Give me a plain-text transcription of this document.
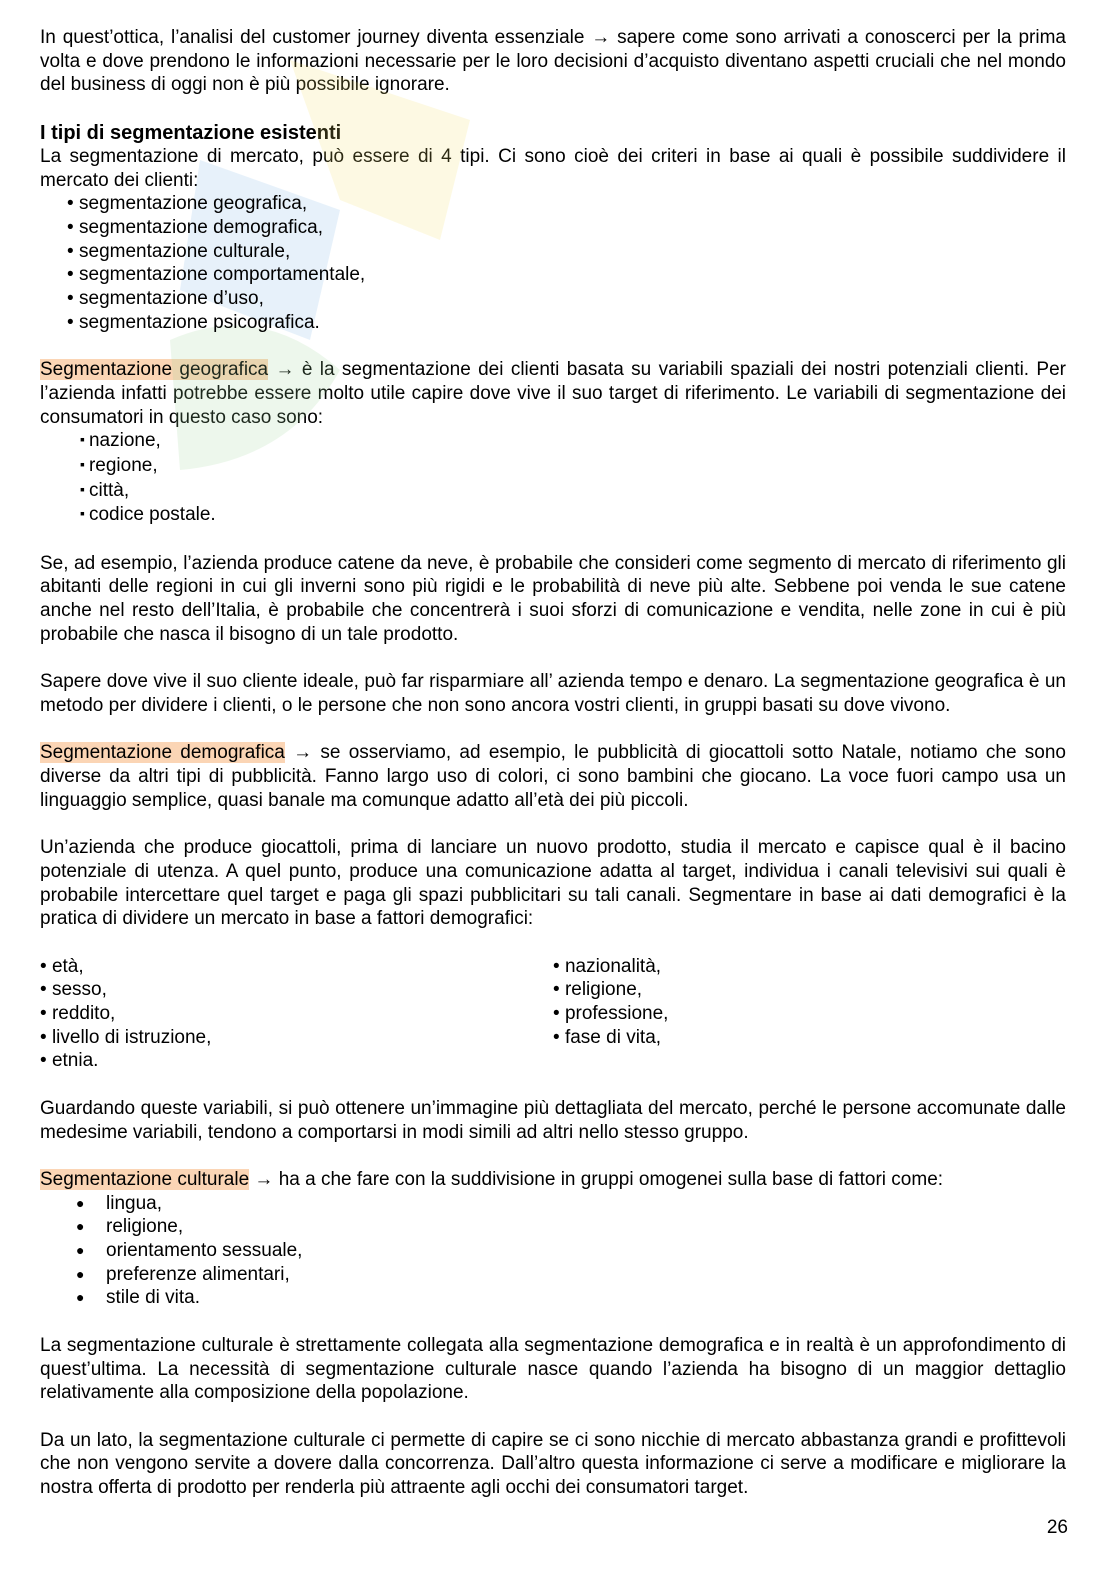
In quest’ottica, l’analisi del customer journey diventa essenziale → sapere come sono arrivati a conoscerci per la prima volta e dove prendono le informazioni necessarie per le loro decisioni d’acquisto diventano aspetti cruciali che nel mondo del business di oggi non è più possibile ignorare.

I tipi di segmentazione esistenti

La segmentazione di mercato, può essere di 4 tipi. Ci sono cioè dei criteri in base ai quali è possibile suddividere il mercato dei clienti:

• segmentazione geografica,
• segmentazione demografica,
• segmentazione culturale,
• segmentazione comportamentale,
• segmentazione d’uso,
• segmentazione psicografica.

Segmentazione geografica → è la segmentazione dei clienti basata su variabili spaziali dei nostri potenziali clienti. Per l’azienda infatti potrebbe essere molto utile capire dove vive il suo target di riferimento. Le variabili di segmentazione dei consumatori in questo caso sono:

▪ nazione,
▪ regione,
▪ città,
▪ codice postale.

Se, ad esempio, l’azienda produce catene da neve, è probabile che consideri come segmento di mercato di riferimento gli abitanti delle regioni in cui gli inverni sono più rigidi e le probabilità di neve più alte. Sebbene poi venda le sue catene anche nel resto dell’Italia, è probabile che concentrerà i suoi sforzi di comunicazione e vendita, nelle zone in cui è più probabile che nasca il bisogno di un tale prodotto.

Sapere dove vive il suo cliente ideale, può far risparmiare all’ azienda tempo e denaro. La segmentazione geografica è un metodo per dividere i clienti, o le persone che non sono ancora vostri clienti, in gruppi basati su dove vivono.

Segmentazione demografica → se osserviamo, ad esempio, le pubblicità di giocattoli sotto Natale, notiamo che sono diverse da altri tipi di pubblicità. Fanno largo uso di colori, ci sono bambini che giocano. La voce fuori campo usa un linguaggio semplice, quasi banale ma comunque adatto all’età dei più piccoli.

Un’azienda che produce giocattoli, prima di lanciare un nuovo prodotto, studia il mercato e capisce qual è il bacino potenziale di utenza. A quel punto, produce una comunicazione adatta al target, individua i canali televisivi sui quali è probabile intercettare quel target e paga gli spazi pubblicitari su tali canali. Segmentare in base ai dati demografici è la pratica di dividere un mercato in base a fattori demografici:

• età,
• sesso,
• reddito,
• livello di istruzione,
• etnia.
• nazionalità,
• religione,
• professione,
• fase di vita,

Guardando queste variabili, si può ottenere un’immagine più dettagliata del mercato, perché le persone accomunate dalle medesime variabili, tendono a comportarsi in modi simili ad altri nello stesso gruppo.

Segmentazione culturale → ha a che fare con la suddivisione in gruppi omogenei sulla base di fattori come:

● lingua,
● religione,
● orientamento sessuale,
● preferenze alimentari,
● stile di vita.

La segmentazione culturale è strettamente collegata alla segmentazione demografica e in realtà è un approfondimento di quest’ultima. La necessità di segmentazione culturale nasce quando l’azienda ha bisogno di un maggior dettaglio relativamente alla composizione della popolazione.

Da un lato, la segmentazione culturale ci permette di capire se ci sono nicchie di mercato abbastanza grandi e profittevoli che non vengono servite a dovere dalla concorrenza. Dall’altro questa informazione ci serve a modificare e migliorare la nostra offerta di prodotto per renderla più attraente agli occhi dei consumatori target.

26
